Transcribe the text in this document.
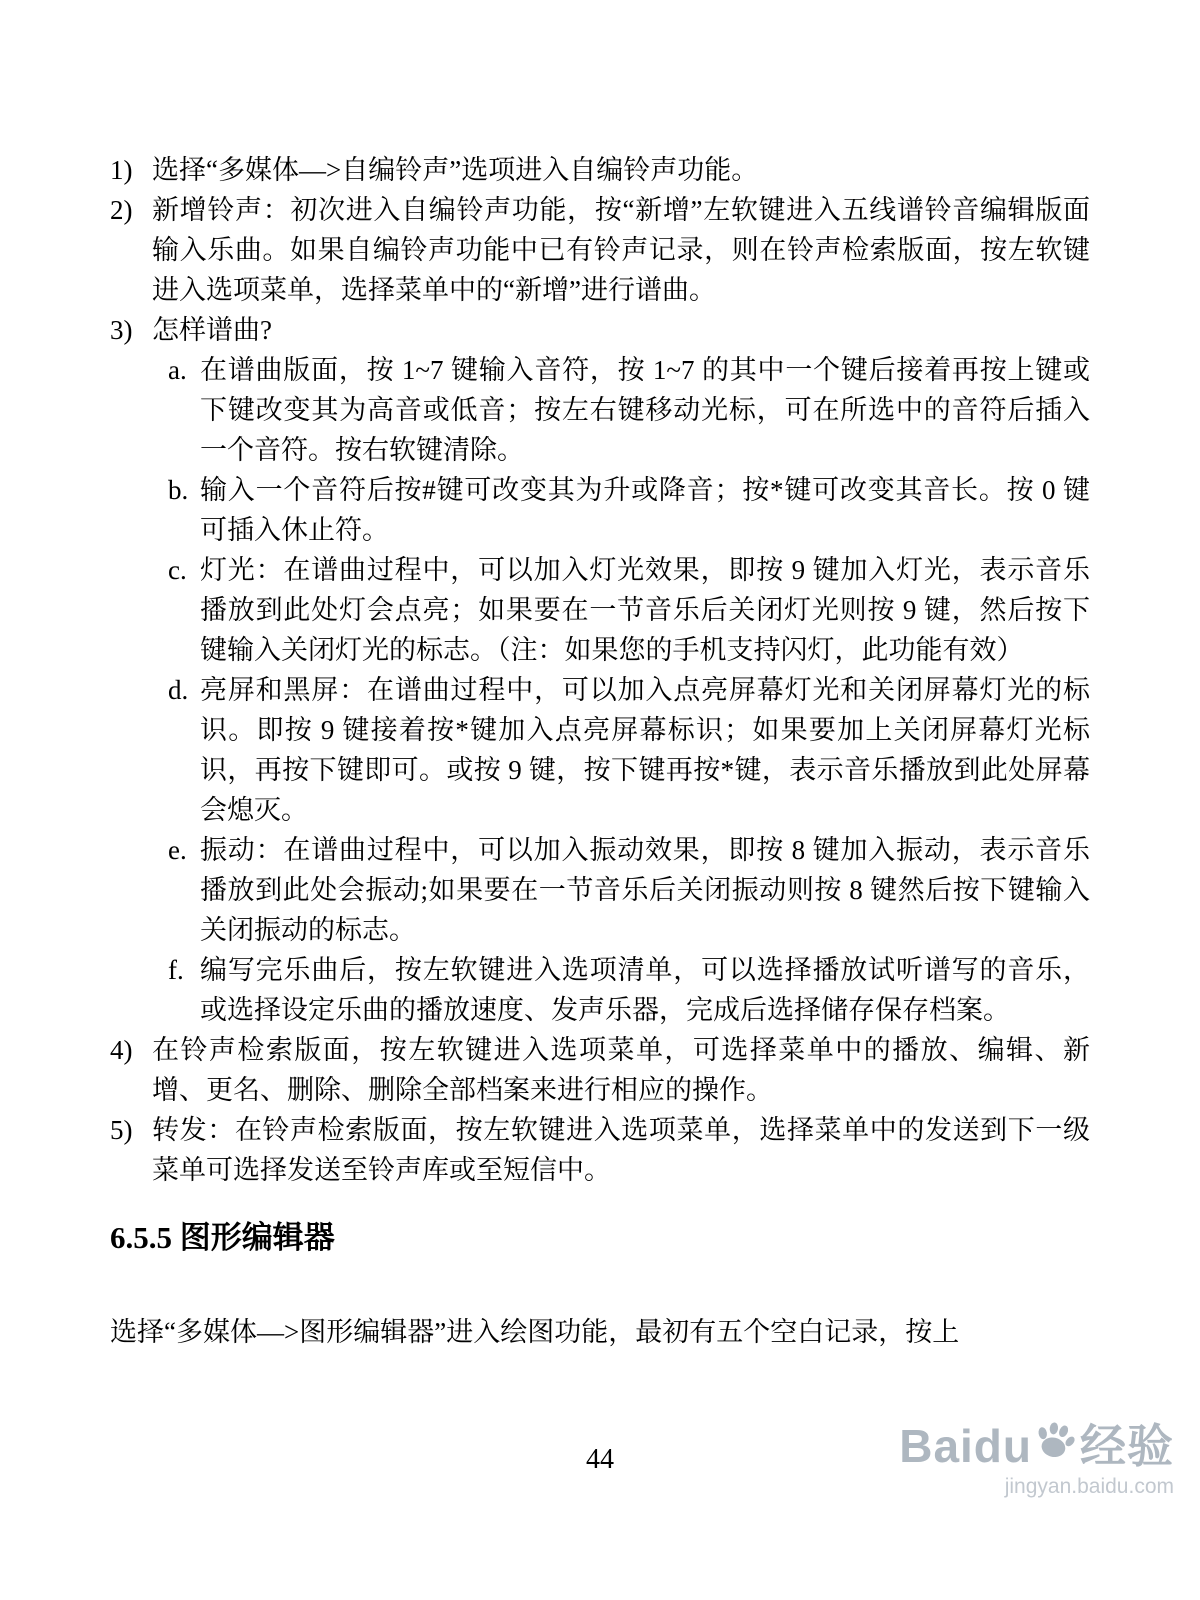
1) 选择“多媒体—>自编铃声”选项进入自编铃声功能。
2) 新增铃声：初次进入自编铃声功能，按“新增”左软键进入五线谱铃音编辑版面输入乐曲。如果自编铃声功能中已有铃声记录，则在铃声检索版面，按左软键进入选项菜单，选择菜单中的“新增”进行谱曲。
3) 怎样谱曲?
a. 在谱曲版面，按 1~7 键输入音符，按 1~7 的其中一个键后接着再按上键或下键改变其为高音或低音；按左右键移动光标，可在所选中的音符后插入一个音符。按右软键清除。
b. 输入一个音符后按#键可改变其为升或降音；按*键可改变其音长。按 0 键可插入休止符。
c. 灯光：在谱曲过程中，可以加入灯光效果，即按 9 键加入灯光，表示音乐播放到此处灯会点亮；如果要在一节音乐后关闭灯光则按 9 键，然后按下键输入关闭灯光的标志。（注：如果您的手机支持闪灯，此功能有效）
d. 亮屏和黑屏：在谱曲过程中，可以加入点亮屏幕灯光和关闭屏幕灯光的标识。即按 9 键接着按*键加入点亮屏幕标识；如果要加上关闭屏幕灯光标识，再按下键即可。或按 9 键，按下键再按*键，表示音乐播放到此处屏幕会熄灭。
e. 振动：在谱曲过程中，可以加入振动效果，即按 8 键加入振动，表示音乐播放到此处会振动;如果要在一节音乐后关闭振动则按 8 键然后按下键输入关闭振动的标志。
f. 编写完乐曲后，按左软键进入选项清单，可以选择播放试听谱写的音乐，或选择设定乐曲的播放速度、发声乐器，完成后选择储存保存档案。
4) 在铃声检索版面，按左软键进入选项菜单，可选择菜单中的播放、编辑、新增、更名、删除、删除全部档案来进行相应的操作。
5) 转发：在铃声检索版面，按左软键进入选项菜单，选择菜单中的发送到下一级菜单可选择发送至铃声库或至短信中。
6.5.5 图形编辑器

选择“多媒体—>图形编辑器”进入绘图功能，最初有五个空白记录，按上

44	Baidu 经验
jingyan.baidu.com
